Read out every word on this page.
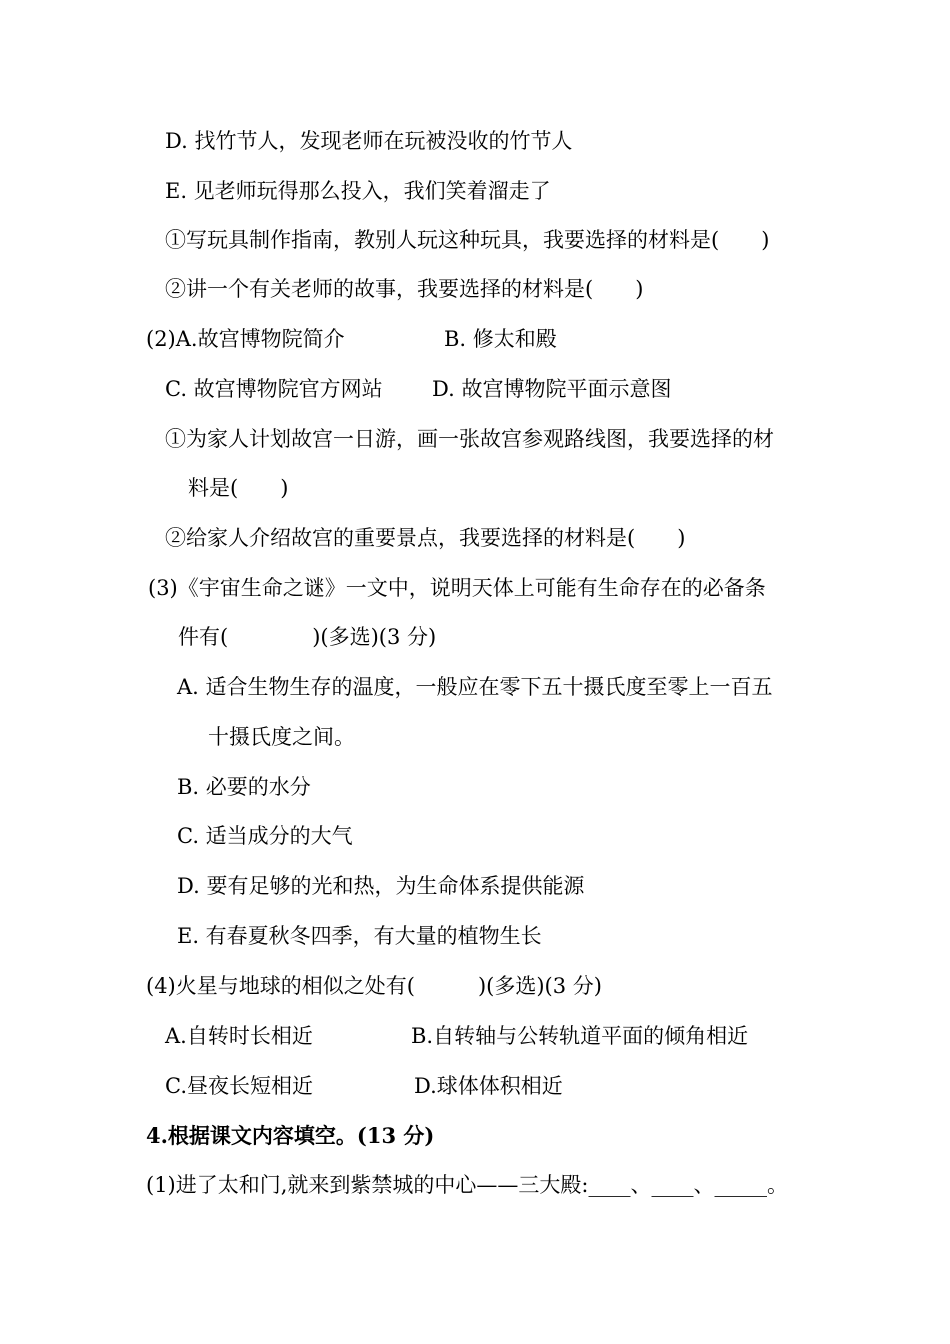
D. 找竹节人，发现老师在玩被没收的竹节人
E. 见老师玩得那么投入，我们笑着溜走了
①写玩具制作指南，教别人玩这种玩具，我要选择的材料是(　　)
②讲一个有关老师的故事，我要选择的材料是(　　)
(2)A.故宫博物院简介	B. 修太和殿
C. 故宫博物院官方网站 D. 故宫博物院平面示意图
①为家人计划故宫一日游，画一张故宫参观路线图，我要选择的材
料是(　　)
②给家人介绍故宫的重要景点，我要选择的材料是(　　)
(3)《宇宙生命之谜》一文中，说明天体上可能有生命存在的必备条
件有(　　　　)(多选)(3 分)
A. 适合生物生存的温度，一般应在零下五十摄氏度至零上一百五
十摄氏度之间。
B. 必要的水分
C. 适当成分的大气
D. 要有足够的光和热，为生命体系提供能源
E. 有春夏秋冬四季，有大量的植物生长
(4)火星与地球的相似之处有(　　　)(多选)(3 分)
A.自转时长相近	B.自转轴与公转轨道平面的倾角相近
C.昼夜长短相近	D.球体体积相近
4.根据课文内容填空。(13 分)
(1)进了太和门,就来到紫禁城的中心——三大殿:____、____、_____。
